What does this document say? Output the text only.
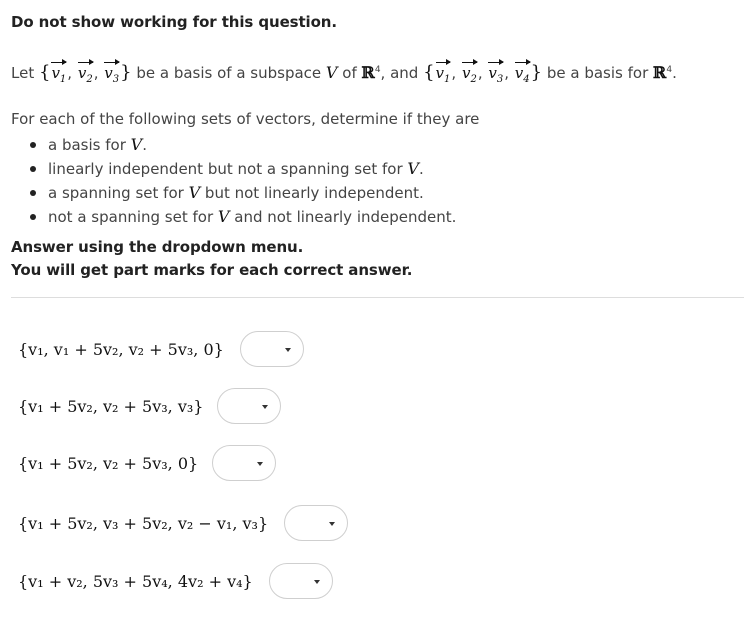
Do not show working for this question.
Let {$v_1$, $v_2$, $v_3$} be a basis of a subspace V of ℝ$^4$, and {$v_1$, $v_2$, $v_3$, $v_4$} be a basis for ℝ$^4$.
For each of the following sets of vectors, determine if they are
a basis for V.
linearly independent but not a spanning set for V.
a spanning set for V but not linearly independent.
not a spanning set for V and not linearly independent.
Answer using the dropdown menu.
You will get part marks for each correct answer.
{v₁, v₁ + 5v₂, v₂ + 5v₃, 0}
{v₁ + 5v₂, v₂ + 5v₃, v₃}
{v₁ + 5v₂, v₂ + 5v₃, 0}
{v₁ + 5v₂, v₃ + 5v₂, v₂ − v₁, v₃}
{v₁ + v₂, 5v₃ + 5v₄, 4v₂ + v₄}
